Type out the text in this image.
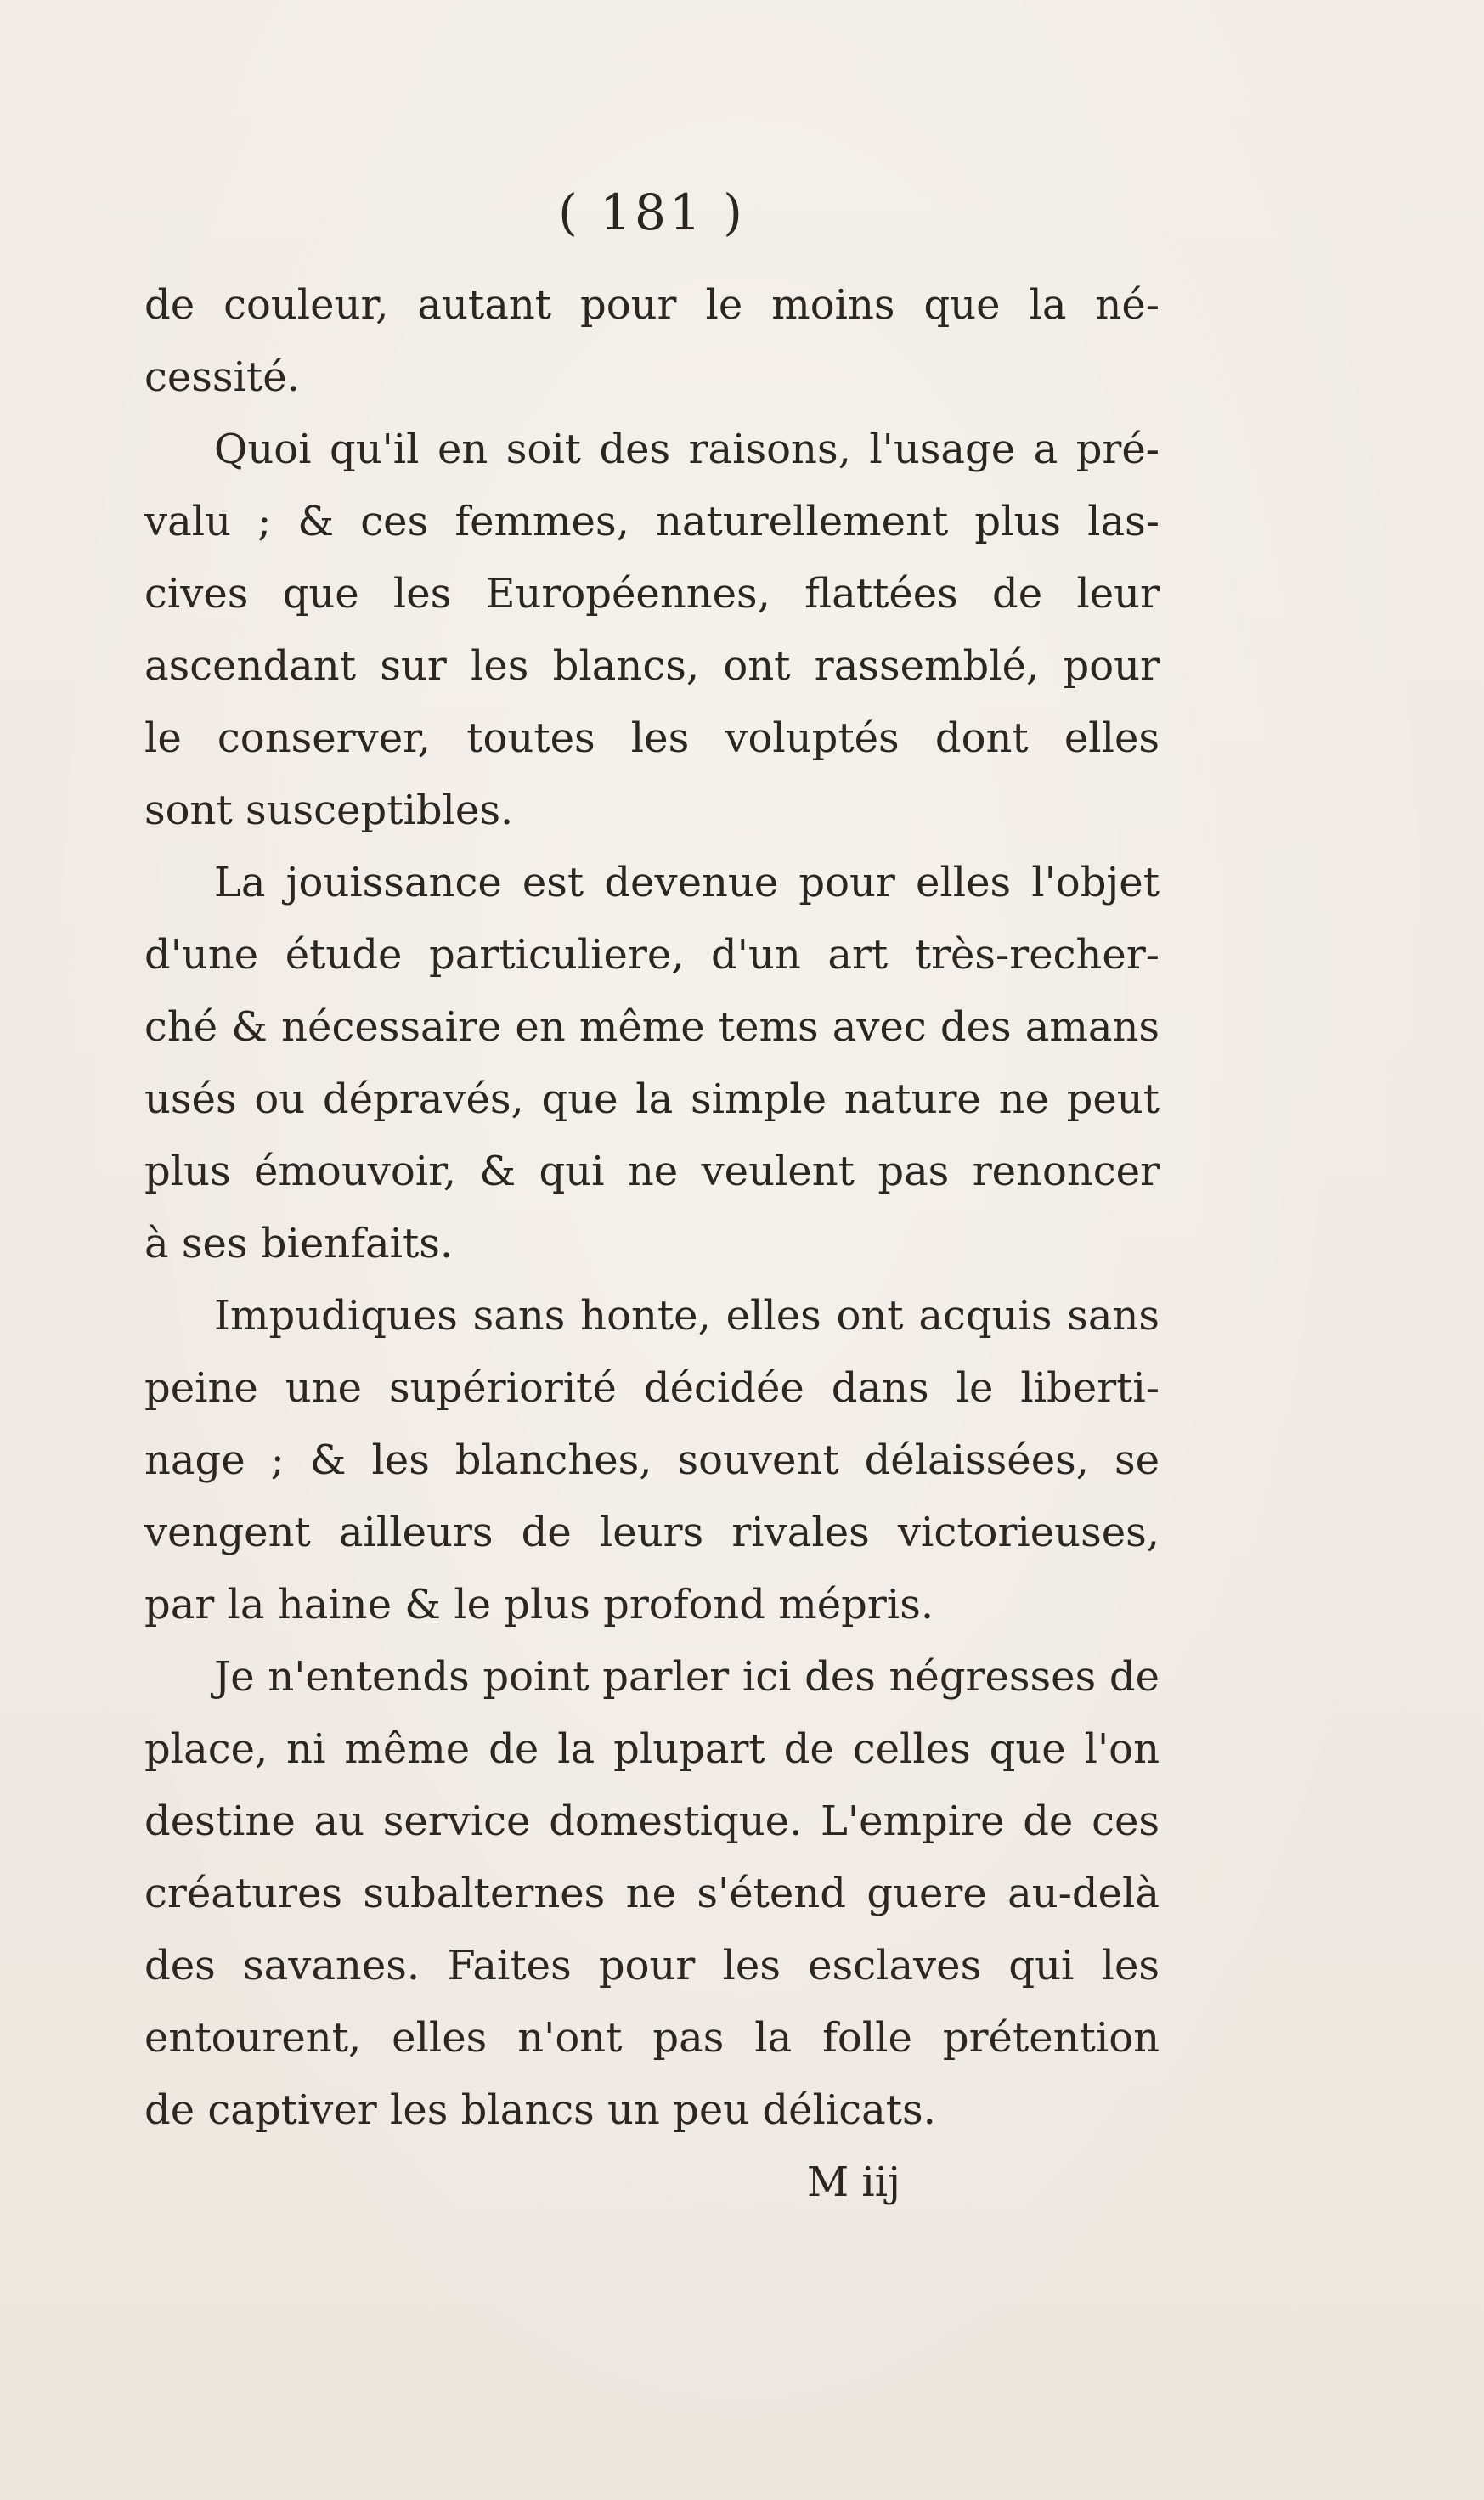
( 181 )
de couleur, autant pour le moins que la né-
cessité.
Quoi qu'il en soit des raisons, l'usage a pré-
valu ; & ces femmes, naturellement plus las-
cives que les Européennes, flattées de leur
ascendant sur les blancs, ont rassemblé, pour
le conserver, toutes les voluptés dont elles
sont susceptibles.
La jouissance est devenue pour elles l'objet
d'une étude particuliere, d'un art très-recher-
ché & nécessaire en même tems avec des amans
usés ou dépravés, que la simple nature ne peut
plus émouvoir, & qui ne veulent pas renoncer
à ses bienfaits.
Impudiques sans honte, elles ont acquis sans
peine une supériorité décidée dans le liberti-
nage ; & les blanches, souvent délaissées, se
vengent ailleurs de leurs rivales victorieuses,
par la haine & le plus profond mépris.
Je n'entends point parler ici des négresses de
place, ni même de la plupart de celles que l'on
destine au service domestique. L'empire de ces
créatures subalternes ne s'étend guere au-delà
des savanes. Faites pour les esclaves qui les
entourent, elles n'ont pas la folle prétention
de captiver les blancs un peu délicats.
M iij
